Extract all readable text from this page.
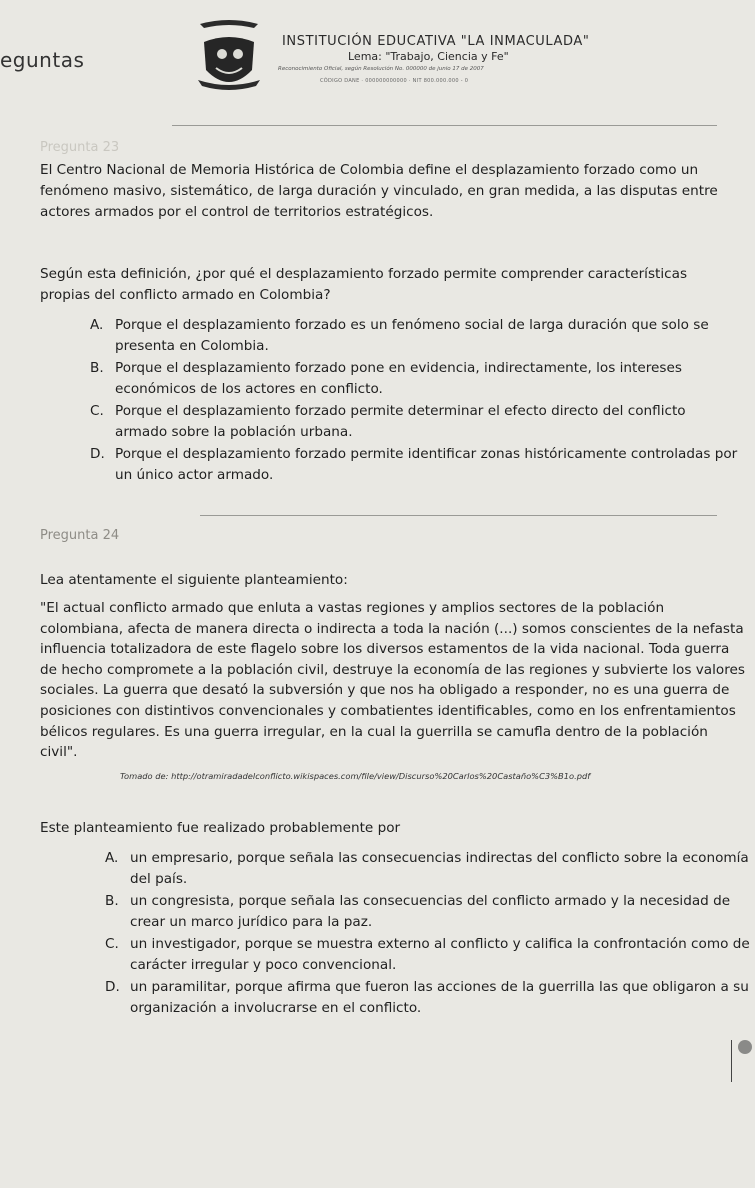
eguntas
INSTITUCIÓN EDUCATIVA "LA INMACULADA"
Lema: "Trabajo, Ciencia y Fe"
Reconocimiento Oficial, según Resolución No. 000000 de junio 17 de 2007
CÓDIGO DANE · 000000000000 · NIT 800.000.000 - 0
Pregunta 23
El Centro Nacional de Memoria Histórica de Colombia define el desplazamiento forzado como un fenómeno masivo, sistemático, de larga duración y vinculado, en gran medida, a las disputas entre actores armados por el control de territorios estratégicos.
Según esta definición, ¿por qué el desplazamiento forzado permite comprender características propias del conflicto armado en Colombia?
A. Porque el desplazamiento forzado es un fenómeno social de larga duración que solo se presenta en Colombia.
B. Porque el desplazamiento forzado pone en evidencia, indirectamente, los intereses económicos de los actores en conflicto.
C. Porque el desplazamiento forzado permite determinar el efecto directo del conflicto armado sobre la población urbana.
D. Porque el desplazamiento forzado permite identificar zonas históricamente controladas por un único actor armado.
Pregunta 24
Lea atentamente el siguiente planteamiento:
"El actual conflicto armado que enluta a vastas regiones y amplios sectores de la población colombiana, afecta de manera directa o indirecta a toda la nación (...) somos conscientes de la nefasta influencia totalizadora de este flagelo sobre los diversos estamentos de la vida nacional. Toda guerra de hecho compromete a la población civil, destruye la economía de las regiones y subvierte los valores sociales. La guerra que desató la subversión y que nos ha obligado a responder, no es una guerra de posiciones con distintivos convencionales y combatientes identificables, como en los enfrentamientos bélicos regulares. Es una guerra irregular, en la cual la guerrilla se camufla dentro de la población civil".
Tomado de: http://otramiradadelconflicto.wikispaces.com/file/view/Discurso%20Carlos%20Castaño%C3%B1o.pdf
Este planteamiento fue realizado probablemente por
A. un empresario, porque señala las consecuencias indirectas del conflicto sobre la economía del país.
B. un congresista, porque señala las consecuencias del conflicto armado y la necesidad de crear un marco jurídico para la paz.
C. un investigador, porque se muestra externo al conflicto y califica la confrontación como de carácter irregular y poco convencional.
D. un paramilitar, porque afirma que fueron las acciones de la guerrilla las que obligaron a su organización a involucrarse en el conflicto.
